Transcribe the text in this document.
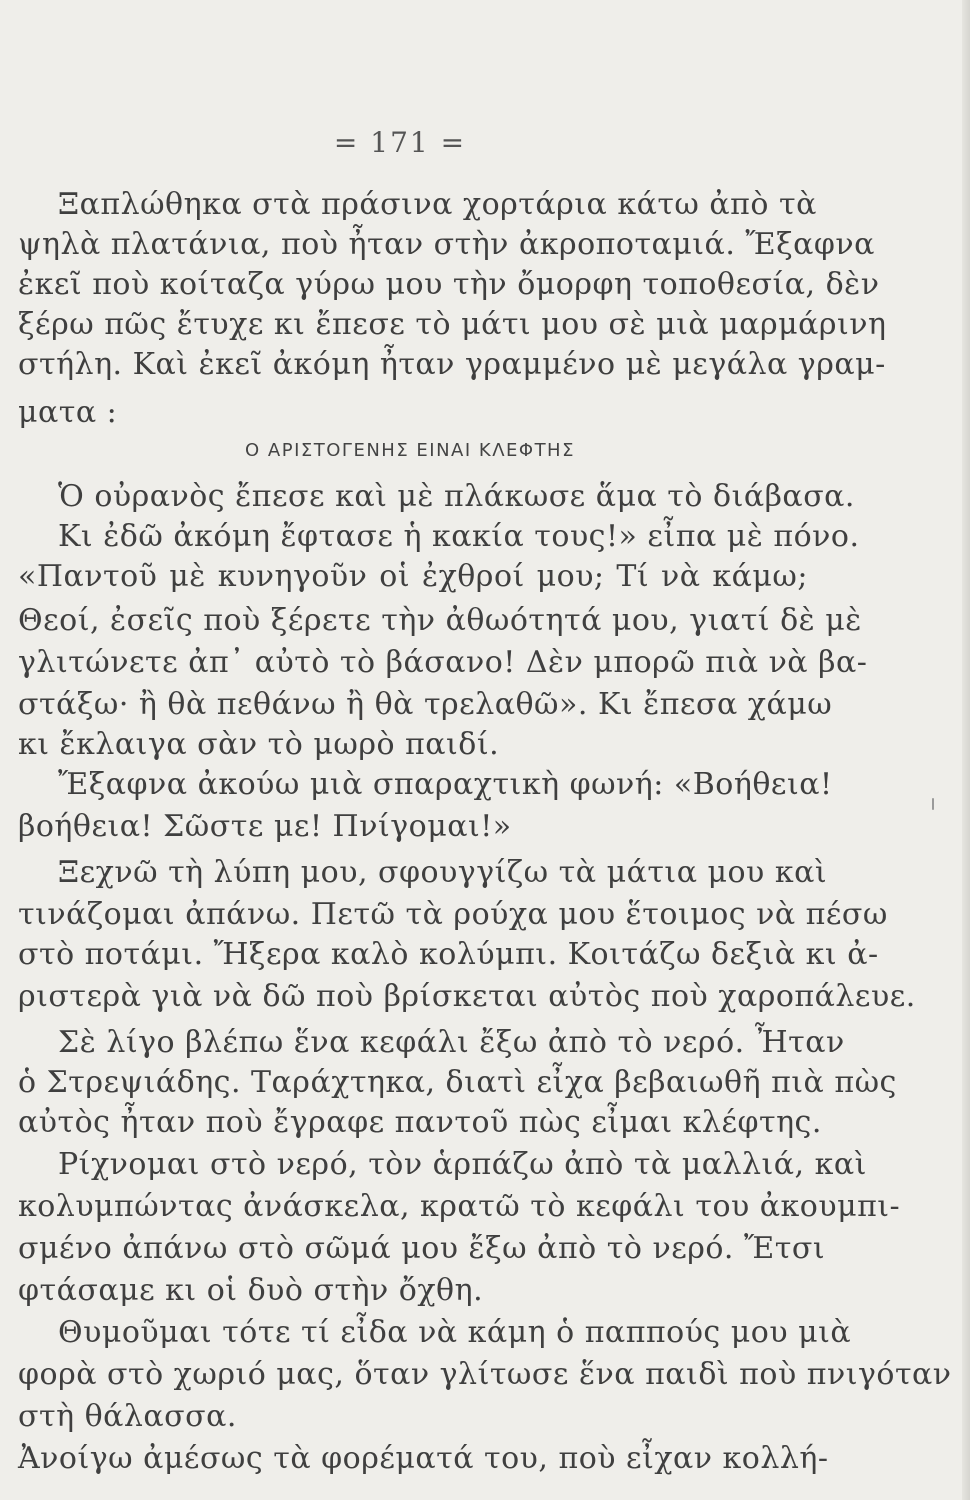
= 171 =
Ξαπλώθηκα στὰ πράσινα χορτάρια κάτω ἀπὸ τὰ
ψηλὰ πλατάνια, ποὺ ἦταν στὴν ἀκροποταμιά. Ἔξαφνα
ἐκεῖ ποὺ κοίταζα γύρω μου τὴν ὄμορφη τοποθεσία, δὲν
ξέρω πῶς ἔτυχε κι ἔπεσε τὸ μάτι μου σὲ μιὰ μαρμάρινη
στήλη. Καὶ ἐκεῖ ἀκόμη ἦταν γραμμένο μὲ μεγάλα γραμ-
ματα :
Ο ΑΡΙΣΤΟΓΕΝΗΣ ΕΙΝΑΙ ΚΛΕΦΤΗΣ
Ὁ οὐρανὸς ἔπεσε καὶ μὲ πλάκωσε ἅμα τὸ διάβασα.
Κι ἐδῶ ἀκόμη ἔφτασε ἡ κακία τους!» εἶπα μὲ πόνο.
«Παντοῦ μὲ κυνηγοῦν οἱ ἐχθροί μου; Τί νὰ κάμω;
Θεοί, ἐσεῖς ποὺ ξέρετε τὴν ἀθωότητά μου, γιατί δὲ μὲ
γλιτώνετε ἀπ᾽ αὐτὸ τὸ βάσανο! Δὲν μπορῶ πιὰ νὰ βα-
στάξω· ἢ θὰ πεθάνω ἢ θὰ τρελαθῶ». Κι ἔπεσα χάμω
κι ἔκλαιγα σὰν τὸ μωρὸ παιδί.
Ἔξαφνα ἀκούω μιὰ σπαραχτικὴ φωνή: «Βοήθεια!
βοήθεια! Σῶστε με! Πνίγομαι!»
Ξεχνῶ τὴ λύπη μου, σφουγγίζω τὰ μάτια μου καὶ
τινάζομαι ἀπάνω. Πετῶ τὰ ρούχα μου ἕτοιμος νὰ πέσω
στὸ ποτάμι. Ἤξερα καλὸ κολύμπι. Κοιτάζω δεξιὰ κι ἀ-
ριστερὰ γιὰ νὰ δῶ ποὺ βρίσκεται αὐτὸς ποὺ χαροπάλευε.
Σὲ λίγο βλέπω ἕνα κεφάλι ἔξω ἀπὸ τὸ νερό. Ἦταν
ὁ Στρεψιάδης. Ταράχτηκα, διατὶ εἶχα βεβαιωθῆ πιὰ πὼς
αὐτὸς ἦταν ποὺ ἔγραφε παντοῦ πὼς εἶμαι κλέφτης.
Ρίχνομαι στὸ νερό, τὸν ἁρπάζω ἀπὸ τὰ μαλλιά, καὶ
κολυμπώντας ἀνάσκελα, κρατῶ τὸ κεφάλι του ἀκουμπι-
σμένο ἀπάνω στὸ σῶμά μου ἔξω ἀπὸ τὸ νερό. Ἔτσι
φτάσαμε κι οἱ δυὸ στὴν ὄχθη.
Θυμοῦμαι τότε τί εἶδα νὰ κάμη ὁ παππούς μου μιὰ
φορὰ στὸ χωριό μας, ὅταν γλίτωσε ἕνα παιδὶ ποὺ πνιγόταν
στὴ θάλασσα.
Ἀνοίγω ἀμέσως τὰ φορέματά του, ποὺ εἶχαν κολλή-
